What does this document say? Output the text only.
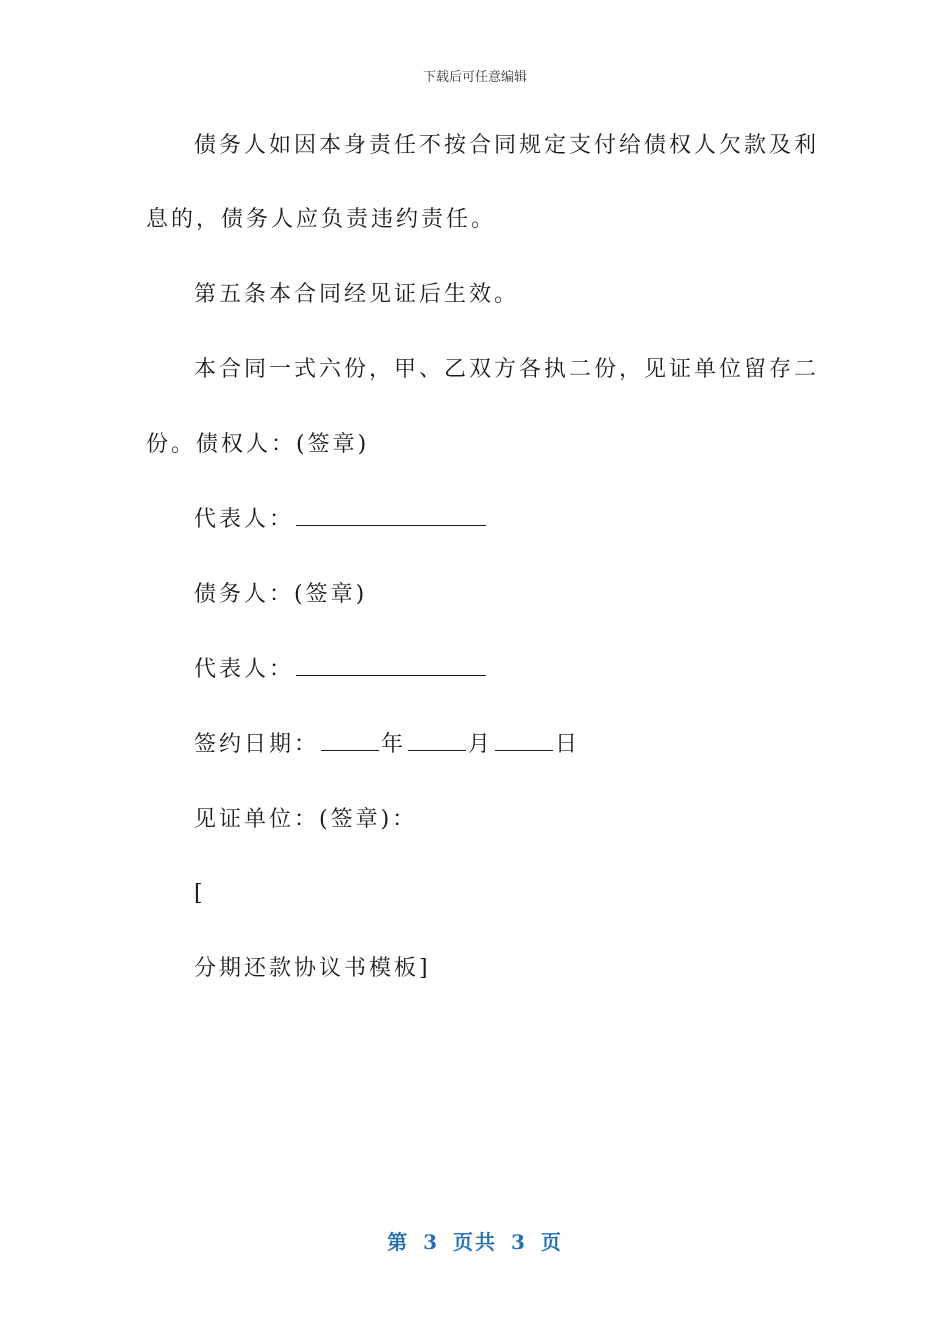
下载后可任意编辑
债务人如因本身责任不按合同规定支付给债权人欠款及利
息的，债务人应负责违约责任。
第五条本合同经见证后生效。
本合同一式六份，甲、乙双方各执二份，见证单位留存二
份。债权人：(签章)
代表人：
债务人：(签章)
代表人：
签约日期：	年	月	日
见证单位：(签章)：
[
分期还款协议书模板]
第 3 页共 3 页
